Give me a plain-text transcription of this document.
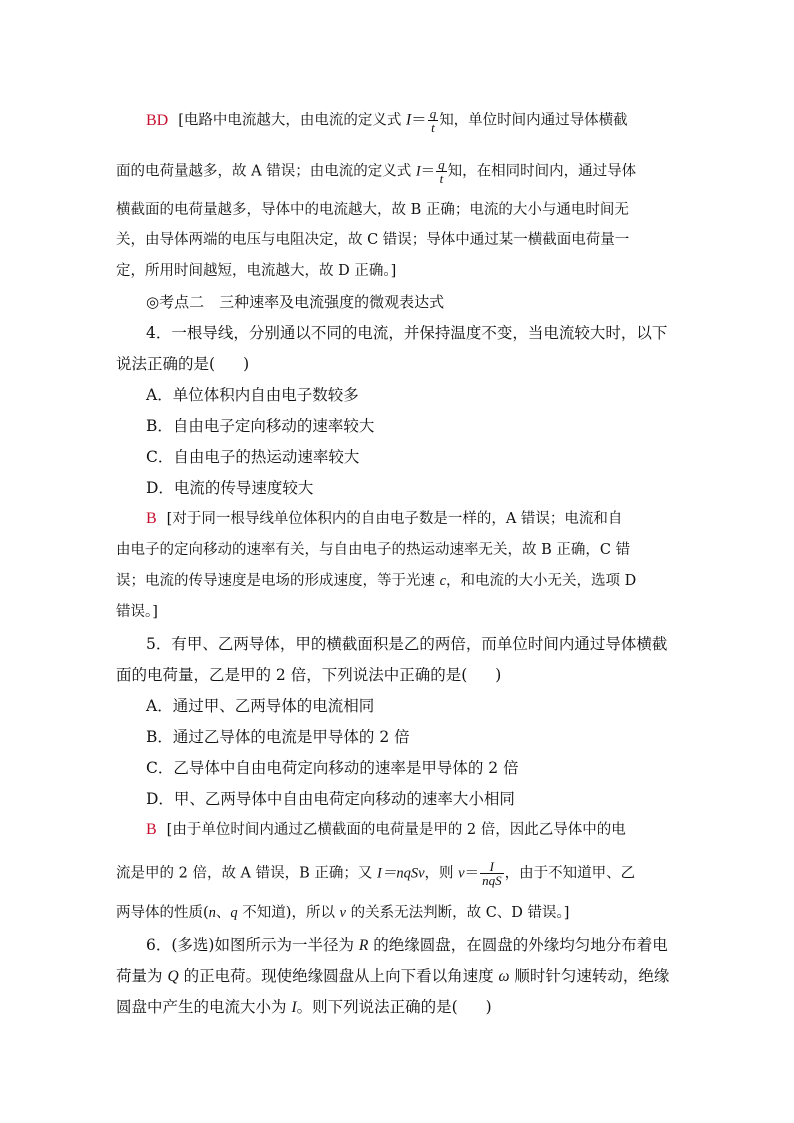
BD [电路中电流越大，由电流的定义式 $I= \frac{q}{t}$ 知，单位时间内通过导体横截
面的电荷量越多，故 A 错误；由电流的定义式 $I= \frac{q}{t}$ 知，在相同时间内，通过导体
横截面的电荷量越多，导体中的电流越大，故 B 正确；电流的大小与通电时间无
关，由导体两端的电压与电阻决定，故 C 错误；导体中通过某一横截面电荷量一
定，所用时间越短，电流越大，故 D 正确。]
◎考点二　三种速率及电流强度的微观表达式
4．一根导线，分别通以不同的电流，并保持温度不变，当电流较大时，以下
说法正确的是( )
A．单位体积内自由电子数较多
B．自由电子定向移动的速率较大
C．自由电子的热运动速率较大
D．电流的传导速度较大
B [对于同一根导线单位体积内的自由电子数是一样的，A 错误；电流和自
由电子的定向移动的速率有关，与自由电子的热运动速率无关，故 B 正确，C 错
误；电流的传导速度是电场的形成速度，等于光速 c，和电流的大小无关，选项 D
错误。]
5．有甲、乙两导体，甲的横截面积是乙的两倍，而单位时间内通过导体横截
面的电荷量，乙是甲的 2 倍，下列说法中正确的是( )
A．通过甲、乙两导体的电流相同
B．通过乙导体的电流是甲导体的 2 倍
C．乙导体中自由电荷定向移动的速率是甲导体的 2 倍
D．甲、乙两导体中自由电荷定向移动的速率大小相同
B [由于单位时间内通过乙横截面的电荷量是甲的 2 倍，因此乙导体中的电
流是甲的 2 倍，故 A 错误，B 正确；又 I＝nqSv，则 $v= \frac{I}{\text{nqS}}$ ，由于不知道甲、乙
两导体的性质(n、q 不知道)，所以 v 的关系无法判断，故 C、D 错误。]
6．(多选)如图所示为一半径为 R 的绝缘圆盘，在圆盘的外缘均匀地分布着电
荷量为 Q 的正电荷。现使绝缘圆盘从上向下看以角速度 ω 顺时针匀速转动，绝缘
圆盘中产生的电流大小为 I。则下列说法正确的是( )
